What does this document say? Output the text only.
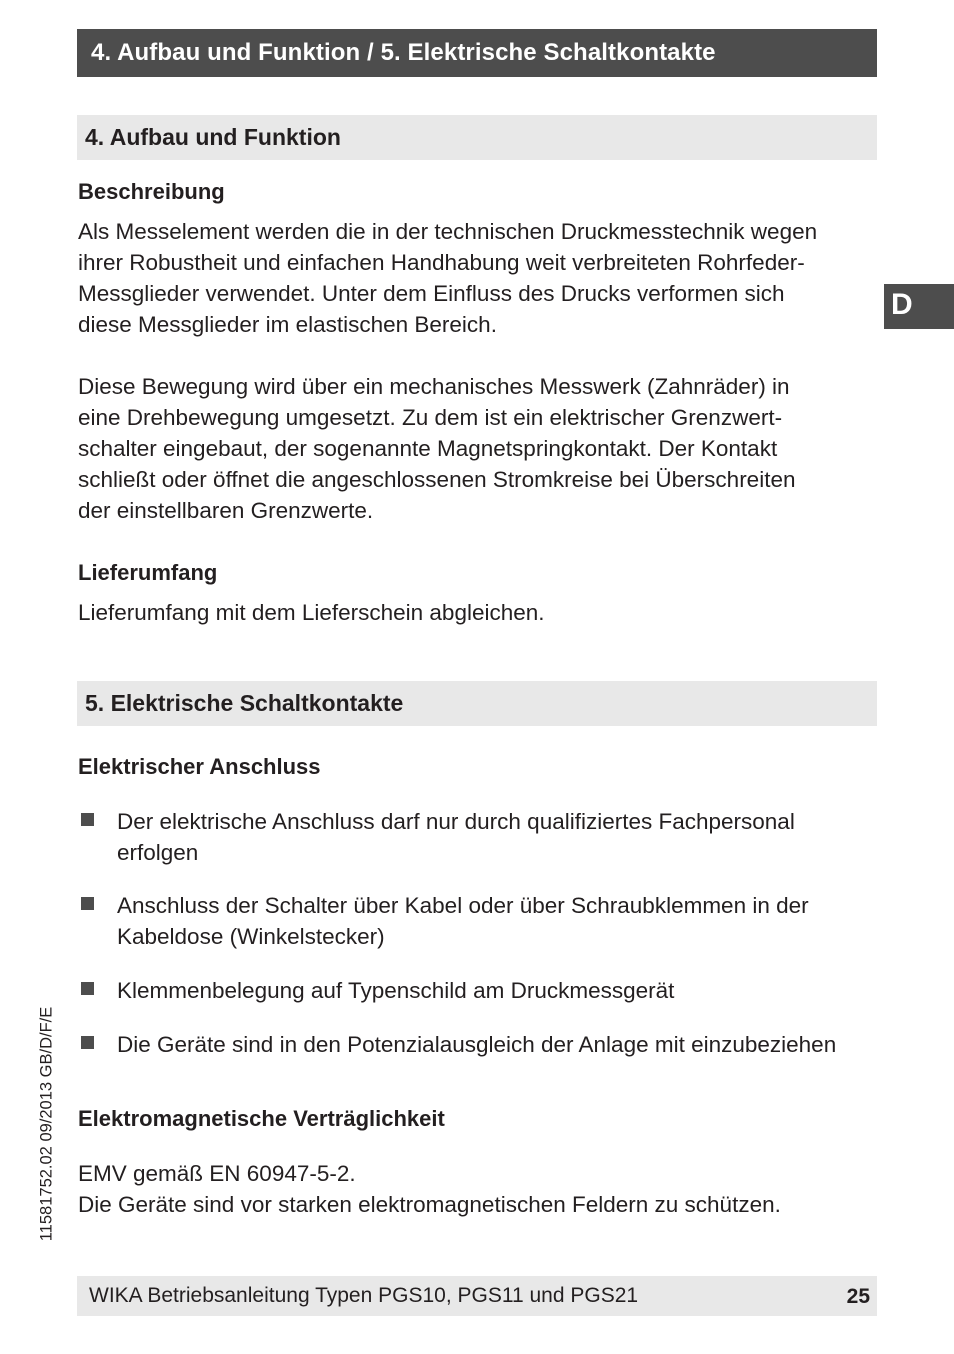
4. Aufbau und Funktion / 5. Elektrische Schaltkontakte
D
4. Aufbau und Funktion
Beschreibung
Als Messelement werden die in der technischen Druckmesstechnik wegen
ihrer Robustheit und einfachen Handhabung weit verbreiteten Rohrfeder-
Messglieder verwendet. Unter dem Einfluss des Drucks verformen sich
diese Messglieder im elastischen Bereich.
Diese Bewegung wird über ein mechanisches Messwerk (Zahnräder) in
eine Drehbewegung umgesetzt. Zu dem ist ein elektrischer Grenzwert-
schalter eingebaut, der sogenannte Magnetspringkontakt. Der Kontakt
schließt oder öffnet die angeschlossenen Stromkreise bei Überschreiten
der einstellbaren Grenzwerte.
Lieferumfang
Lieferumfang mit dem Lieferschein abgleichen.
5. Elektrische Schaltkontakte
Elektrischer Anschluss
Der elektrische Anschluss darf nur durch qualifiziertes Fachpersonal
erfolgen
Anschluss der Schalter über Kabel oder über Schraubklemmen in der
Kabeldose (Winkelstecker)
Klemmenbelegung auf Typenschild am Druckmessgerät
Die Geräte sind in den Potenzialausgleich der Anlage mit einzubeziehen
Elektromagnetische Verträglichkeit
EMV gemäß EN 60947-5-2.
Die Geräte sind vor starken elektromagnetischen Feldern zu schützen.
11581752.02 09/2013 GB/D/F/E
WIKA Betriebsanleitung Typen PGS10, PGS11 und PGS21	25
